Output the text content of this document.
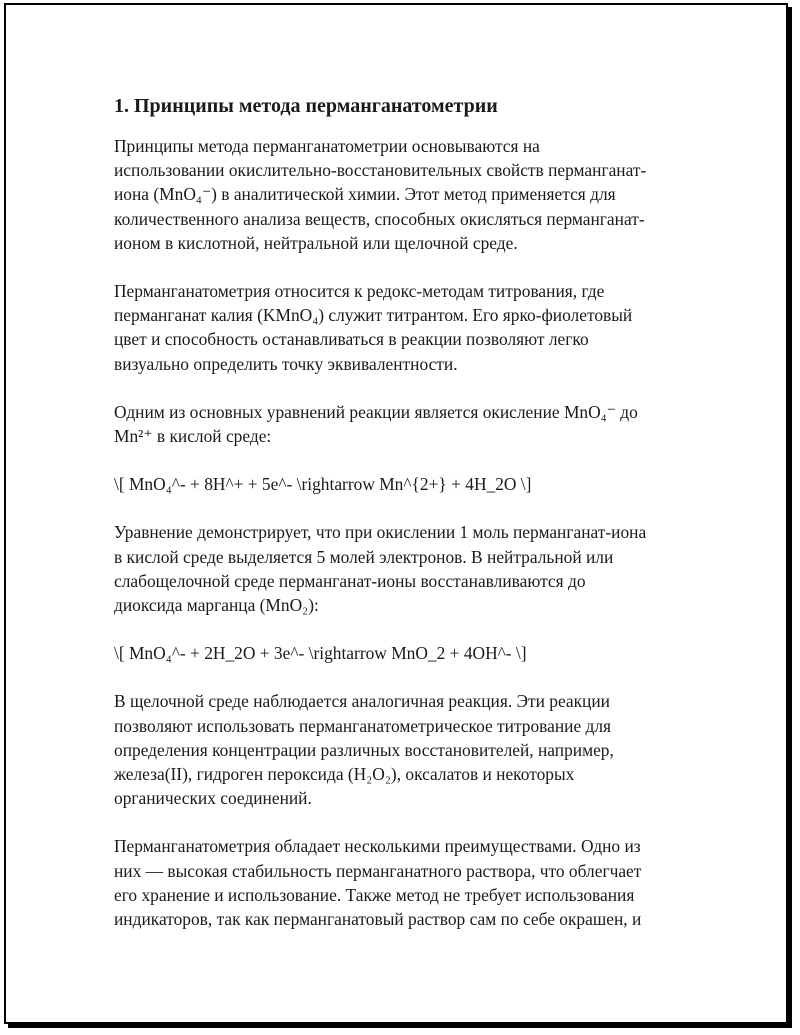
1. Принципы метода перманганатометрии

Принципы метода перманганатометрии основываются на
использовании окислительно-восстановительных свойств перманганат-
иона (MnO₄⁻) в аналитической химии. Этот метод применяется для
количественного анализа веществ, способных окисляться перманганат-
ионом в кислотной, нейтральной или щелочной среде.

Перманганатометрия относится к редокс-методам титрования, где
перманганат калия (KMnO₄) служит титрантом. Его ярко-фиолетовый
цвет и способность останавливаться в реакции позволяют легко
визуально определить точку эквивалентности.

Одним из основных уравнений реакции является окисление MnO₄⁻ до
Mn²⁺ в кислой среде:

\[ MnO₄^- + 8H^+ + 5e^- \rightarrow Mn^{2+} + 4H_2O \]

Уравнение демонстрирует, что при окислении 1 моль перманганат-иона
в кислой среде выделяется 5 молей электронов. В нейтральной или
слабощелочной среде перманганат-ионы восстанавливаются до
диоксида марганца (MnO₂):

\[ MnO₄^- + 2H_2O + 3e^- \rightarrow MnO_2 + 4OH^- \]

В щелочной среде наблюдается аналогичная реакция. Эти реакции
позволяют использовать перманганатометрическое титрование для
определения концентрации различных восстановителей, например,
железа(II), гидроген пероксида (H₂O₂), оксалатов и некоторых
органических соединений.

Перманганатометрия обладает несколькими преимуществами. Одно из
них — высокая стабильность перманганатного раствора, что облегчает
его хранение и использование. Также метод не требует использования
индикаторов, так как перманганатовый раствор сам по себе окрашен, и
